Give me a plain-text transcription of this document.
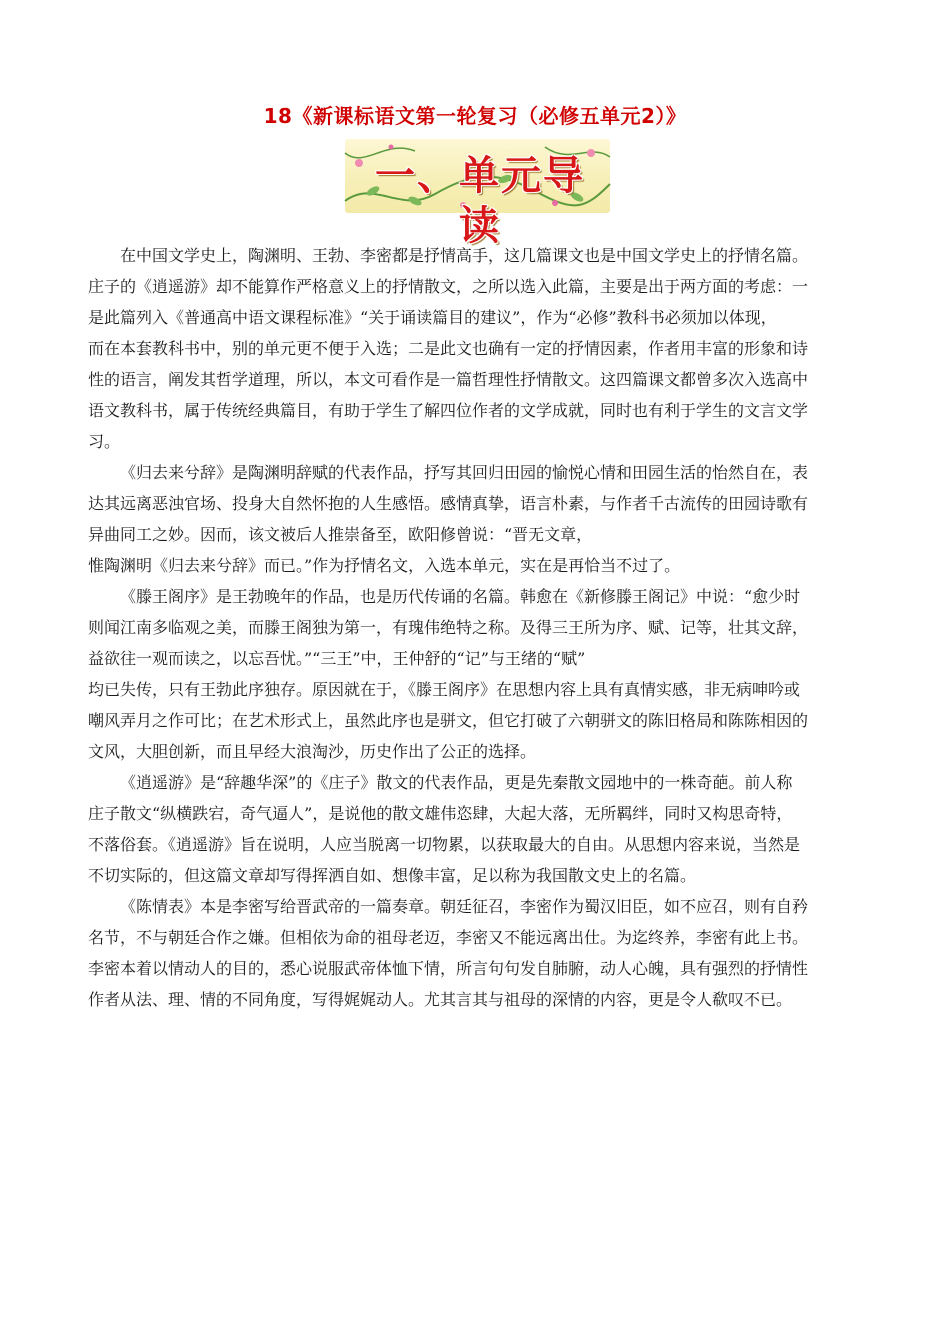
18《新课标语文第一轮复习（必修五单元2）》
一、单元导读

在中国文学史上，陶渊明、王勃、李密都是抒情高手，这几篇课文也是中国文学史上的抒情名篇。
庄子的《逍遥游》却不能算作严格意义上的抒情散文，之所以选入此篇，主要是出于两方面的考虑：一
是此篇列入《普通高中语文课程标准》“关于诵读篇目的建议”，作为“必修”教科书必须加以体现，
而在本套教科书中，别的单元更不便于入选；二是此文也确有一定的抒情因素，作者用丰富的形象和诗
性的语言，阐发其哲学道理，所以，本文可看作是一篇哲理性抒情散文。这四篇课文都曾多次入选高中
语文教科书，属于传统经典篇目，有助于学生了解四位作者的文学成就，同时也有利于学生的文言文学
习。

《归去来兮辞》是陶渊明辞赋的代表作品，抒写其回归田园的愉悦心情和田园生活的怡然自在，表
达其远离恶浊官场、投身大自然怀抱的人生感悟。感情真挚，语言朴素，与作者千古流传的田园诗歌有
异曲同工之妙。因而，该文被后人推崇备至，欧阳修曾说：“晋无文章，
惟陶渊明《归去来兮辞》而已。”作为抒情名文，入选本单元，实在是再恰当不过了。

《滕王阁序》是王勃晚年的作品，也是历代传诵的名篇。韩愈在《新修滕王阁记》中说：“愈少时
则闻江南多临观之美，而滕王阁独为第一，有瑰伟绝特之称。及得三王所为序、赋、记等，壮其文辞，
益欲往一观而读之，以忘吾忧。”“三王”中，王仲舒的“记”与王绪的“赋”
均已失传，只有王勃此序独存。原因就在于，《滕王阁序》在思想内容上具有真情实感，非无病呻吟或
嘲风弄月之作可比；在艺术形式上，虽然此序也是骈文，但它打破了六朝骈文的陈旧格局和陈陈相因的
文风，大胆创新，而且早经大浪淘沙，历史作出了公正的选择。

《逍遥游》是“辞趣华深”的《庄子》散文的代表作品，更是先秦散文园地中的一株奇葩。前人称
庄子散文“纵横跌宕，奇气逼人”，是说他的散文雄伟恣肆，大起大落，无所羁绊，同时又构思奇特，
不落俗套。《逍遥游》旨在说明，人应当脱离一切物累，以获取最大的自由。从思想内容来说，当然是
不切实际的，但这篇文章却写得挥洒自如、想像丰富，足以称为我国散文史上的名篇。

《陈情表》本是李密写给晋武帝的一篇奏章。朝廷征召，李密作为蜀汉旧臣，如不应召，则有自矜
名节，不与朝廷合作之嫌。但相依为命的祖母老迈，李密又不能远离出仕。为迄终养，李密有此上书。
李密本着以情动人的目的，悉心说服武帝体恤下情，所言句句发自肺腑，动人心魄，具有强烈的抒情性
作者从法、理、情的不同角度，写得娓娓动人。尤其言其与祖母的深情的内容，更是令人欷叹不已。
